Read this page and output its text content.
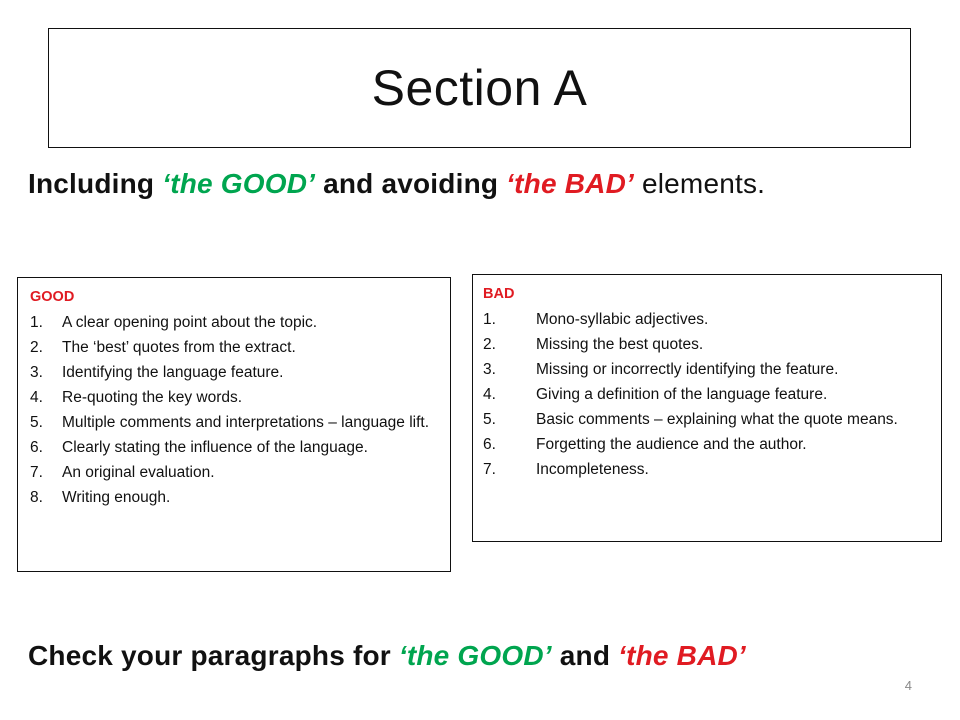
Section A
Including ‘the GOOD’ and avoiding ‘the BAD’ elements.
GOOD
1.	A clear opening point about the topic.
2.	The ‘best’ quotes from the extract.
3.	Identifying the language feature.
4.	Re-quoting the key words.
5.	Multiple comments and interpretations – language lift.
6.	Clearly stating the influence of the language.
7.	An original evaluation.
8.	Writing enough.
BAD
1.	Mono-syllabic adjectives.
2.	Missing the best quotes.
3.	Missing or incorrectly identifying the feature.
4.	Giving a definition of the language feature.
5.	Basic comments – explaining what the quote means.
6.	Forgetting the audience and the author.
7.	Incompleteness.
Check your paragraphs for ‘the GOOD’ and ‘the BAD’
4
